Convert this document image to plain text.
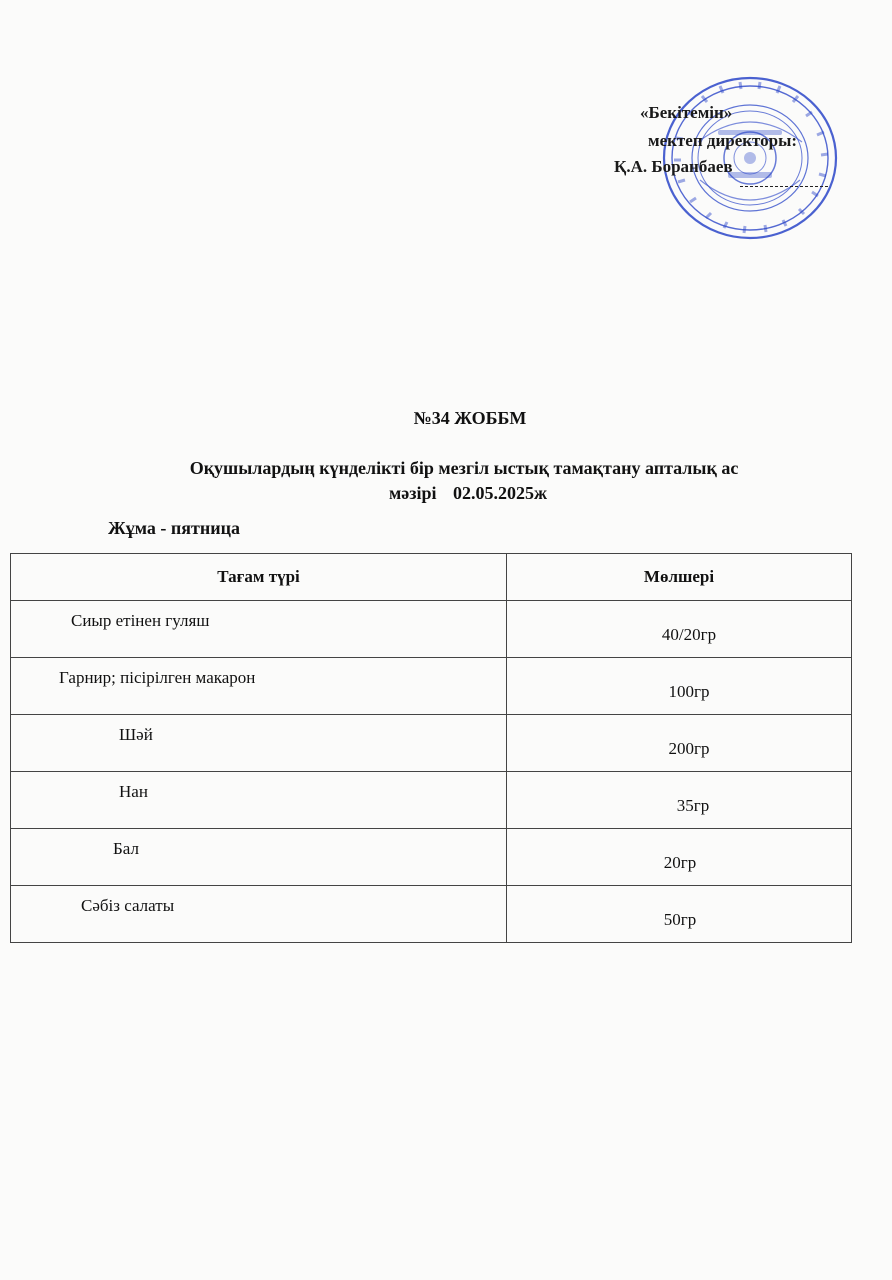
«Бекітемін»
мектеп директоры:
Қ.А. Боранбаев
№34 ЖОББМ
Оқушылардың күнделікті бір мезгіл ыстық тамақтану апталық ас
мәзірі 02.05.2025ж
Жұма - пятница
Тағам түрі	Мөлшері
Сиыр етінен гуляш	40/20гр
Гарнир; пісірілген макарон	100гр
Шәй	200гр
Нан	35гр
Бал	20гр
Сәбіз салаты	50гр
